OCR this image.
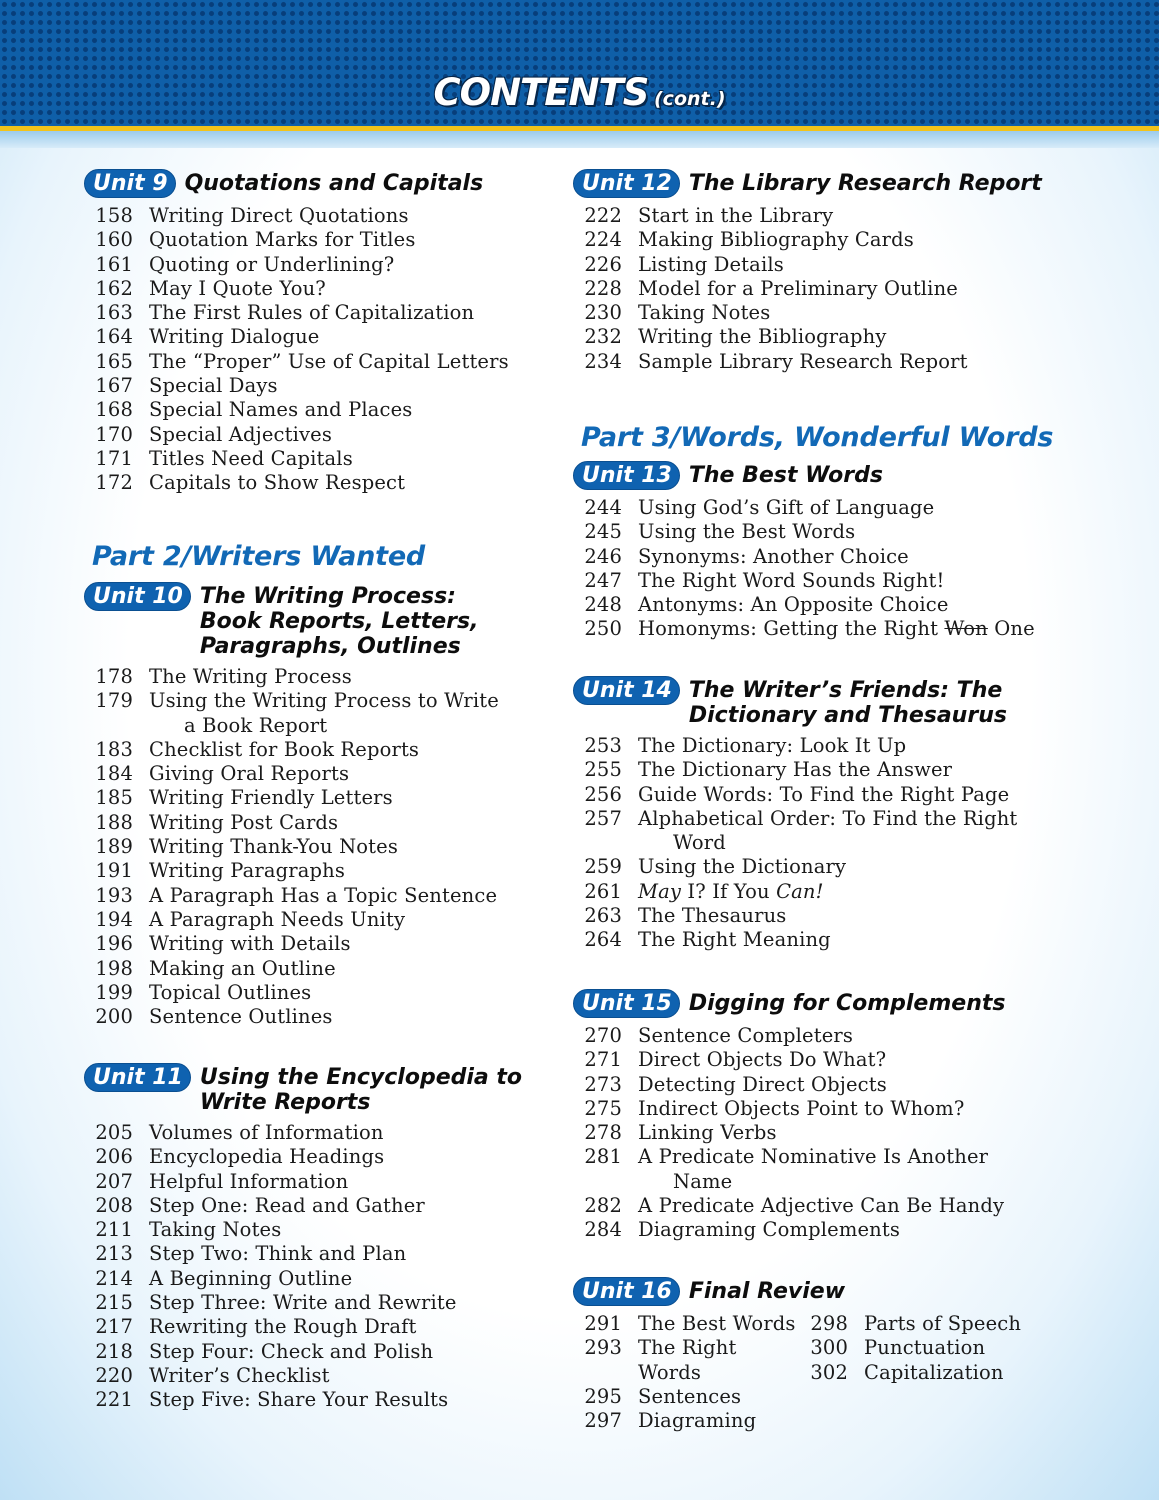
CONTENTS (cont.)
Unit 9 Quotations and Capitals
158 Writing Direct Quotations
160 Quotation Marks for Titles
161 Quoting or Underlining?
162 May I Quote You?
163 The First Rules of Capitalization
164 Writing Dialogue
165 The “Proper” Use of Capital Letters
167 Special Days
168 Special Names and Places
170 Special Adjectives
171 Titles Need Capitals
172 Capitals to Show Respect
Part 2/Writers Wanted
Unit 10 The Writing Process:
Book Reports, Letters,
Paragraphs, Outlines
178 The Writing Process
179 Using the Writing Process to Write
a Book Report
183 Checklist for Book Reports
184 Giving Oral Reports
185 Writing Friendly Letters
188 Writing Post Cards
189 Writing Thank-You Notes
191 Writing Paragraphs
193 A Paragraph Has a Topic Sentence
194 A Paragraph Needs Unity
196 Writing with Details
198 Making an Outline
199 Topical Outlines
200 Sentence Outlines
Unit 11 Using the Encyclopedia to
Write Reports
205 Volumes of Information
206 Encyclopedia Headings
207 Helpful Information
208 Step One: Read and Gather
211 Taking Notes
213 Step Two: Think and Plan
214 A Beginning Outline
215 Step Three: Write and Rewrite
217 Rewriting the Rough Draft
218 Step Four: Check and Polish
220 Writer’s Checklist
221 Step Five: Share Your Results
Unit 12 The Library Research Report
222 Start in the Library
224 Making Bibliography Cards
226 Listing Details
228 Model for a Preliminary Outline
230 Taking Notes
232 Writing the Bibliography
234 Sample Library Research Report
Part 3/Words, Wonderful Words
Unit 13 The Best Words
244 Using God’s Gift of Language
245 Using the Best Words
246 Synonyms: Another Choice
247 The Right Word Sounds Right!
248 Antonyms: An Opposite Choice
250 Homonyms: Getting the Right Won One
Unit 14 The Writer’s Friends: The
Dictionary and Thesaurus
253 The Dictionary: Look It Up
255 The Dictionary Has the Answer
256 Guide Words: To Find the Right Page
257 Alphabetical Order: To Find the Right
Word
259 Using the Dictionary
261 May I? If You Can!
263 The Thesaurus
264 The Right Meaning
Unit 15 Digging for Complements
270 Sentence Completers
271 Direct Objects Do What?
273 Detecting Direct Objects
275 Indirect Objects Point to Whom?
278 Linking Verbs
281 A Predicate Nominative Is Another
Name
282 A Predicate Adjective Can Be Handy
284 Diagraming Complements
Unit 16 Final Review
291 The Best Words
293 The Right Words
295 Sentences
297 Diagraming
298 Parts of Speech
300 Punctuation
302 Capitalization
